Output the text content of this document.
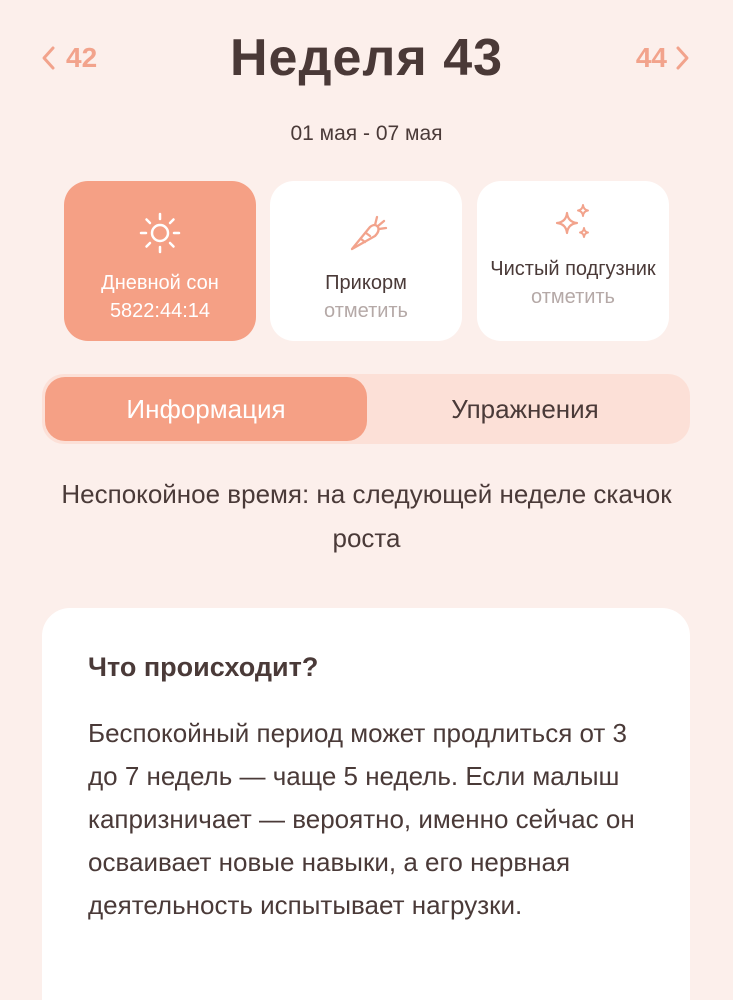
42	Неделя 43	44
01 мая - 07 мая
Дневной сон
5822:44:14
Прикорм
отметить
Чистый подгузник
отметить
Информация	Упражнения
Неспокойное время: на следующей неделе скачок роста
Что происходит?
Беспокойный период может продлиться от 3 до 7 недель — чаще 5 недель. Если малыш капризничает — вероятно, именно сейчас он осваивает новые навыки, а его нервная деятельность испытывает нагрузки.
